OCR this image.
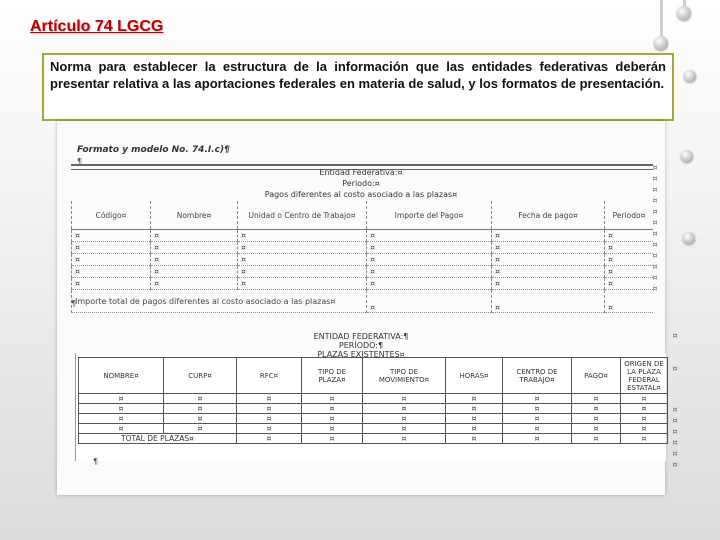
Artículo 74 LGCG
Norma para establecer la estructura de la información que las entidades federativas deberán presentar relativa a las aportaciones federales en materia de salud, y los formatos de presentación.
Formato y modelo No. 74.I.c)¶
¶
Entidad Federativa:¤
Periodo:¤
Pagos diferentes al costo asociado a las plazas¤
Código¤	Nombre¤	Unidad o Centro de Trabajo¤	Importe del Pago¤	Fecha de pago¤	Periodo¤
¤	¤	¤	¤	¤	¤
¤	¤	¤	¤	¤	¤
¤	¤	¤	¤	¤	¤
¤	¤	¤	¤	¤	¤
¤	¤	¤	¤	¤	¤
Importe total de pagos diferentes al costo asociado a las plazas¤			¤	¤	¤
¶
ENTIDAD FEDERATIVA:¶
PERÍODO:¶
PLAZAS EXISTENTES¤
NOMBRE¤	CURP¤	RFC¤	TIPO DE PLAZA¤	TIPO DE MOVIMIENTO¤	HORAS¤	CENTRO DE TRABAJO¤	PAGO¤	ORIGEN DE LA PLAZA FEDERAL ESTATAL¤
¤	¤	¤	¤	¤	¤	¤	¤	¤
¤	¤	¤	¤	¤	¤	¤	¤	¤
¤	¤	¤	¤	¤	¤	¤	¤	¤
¤	¤	¤	¤	¤	¤	¤	¤	¤
TOTAL DE PLAZAS¤		¤	¤	¤	¤	¤	¤	¤
¶
¤
¤
¤
¤
¤
¤
¤
¤
¤
¤
¤
¤
¤
¤
¤
¤
¤
¤
¤
¤
